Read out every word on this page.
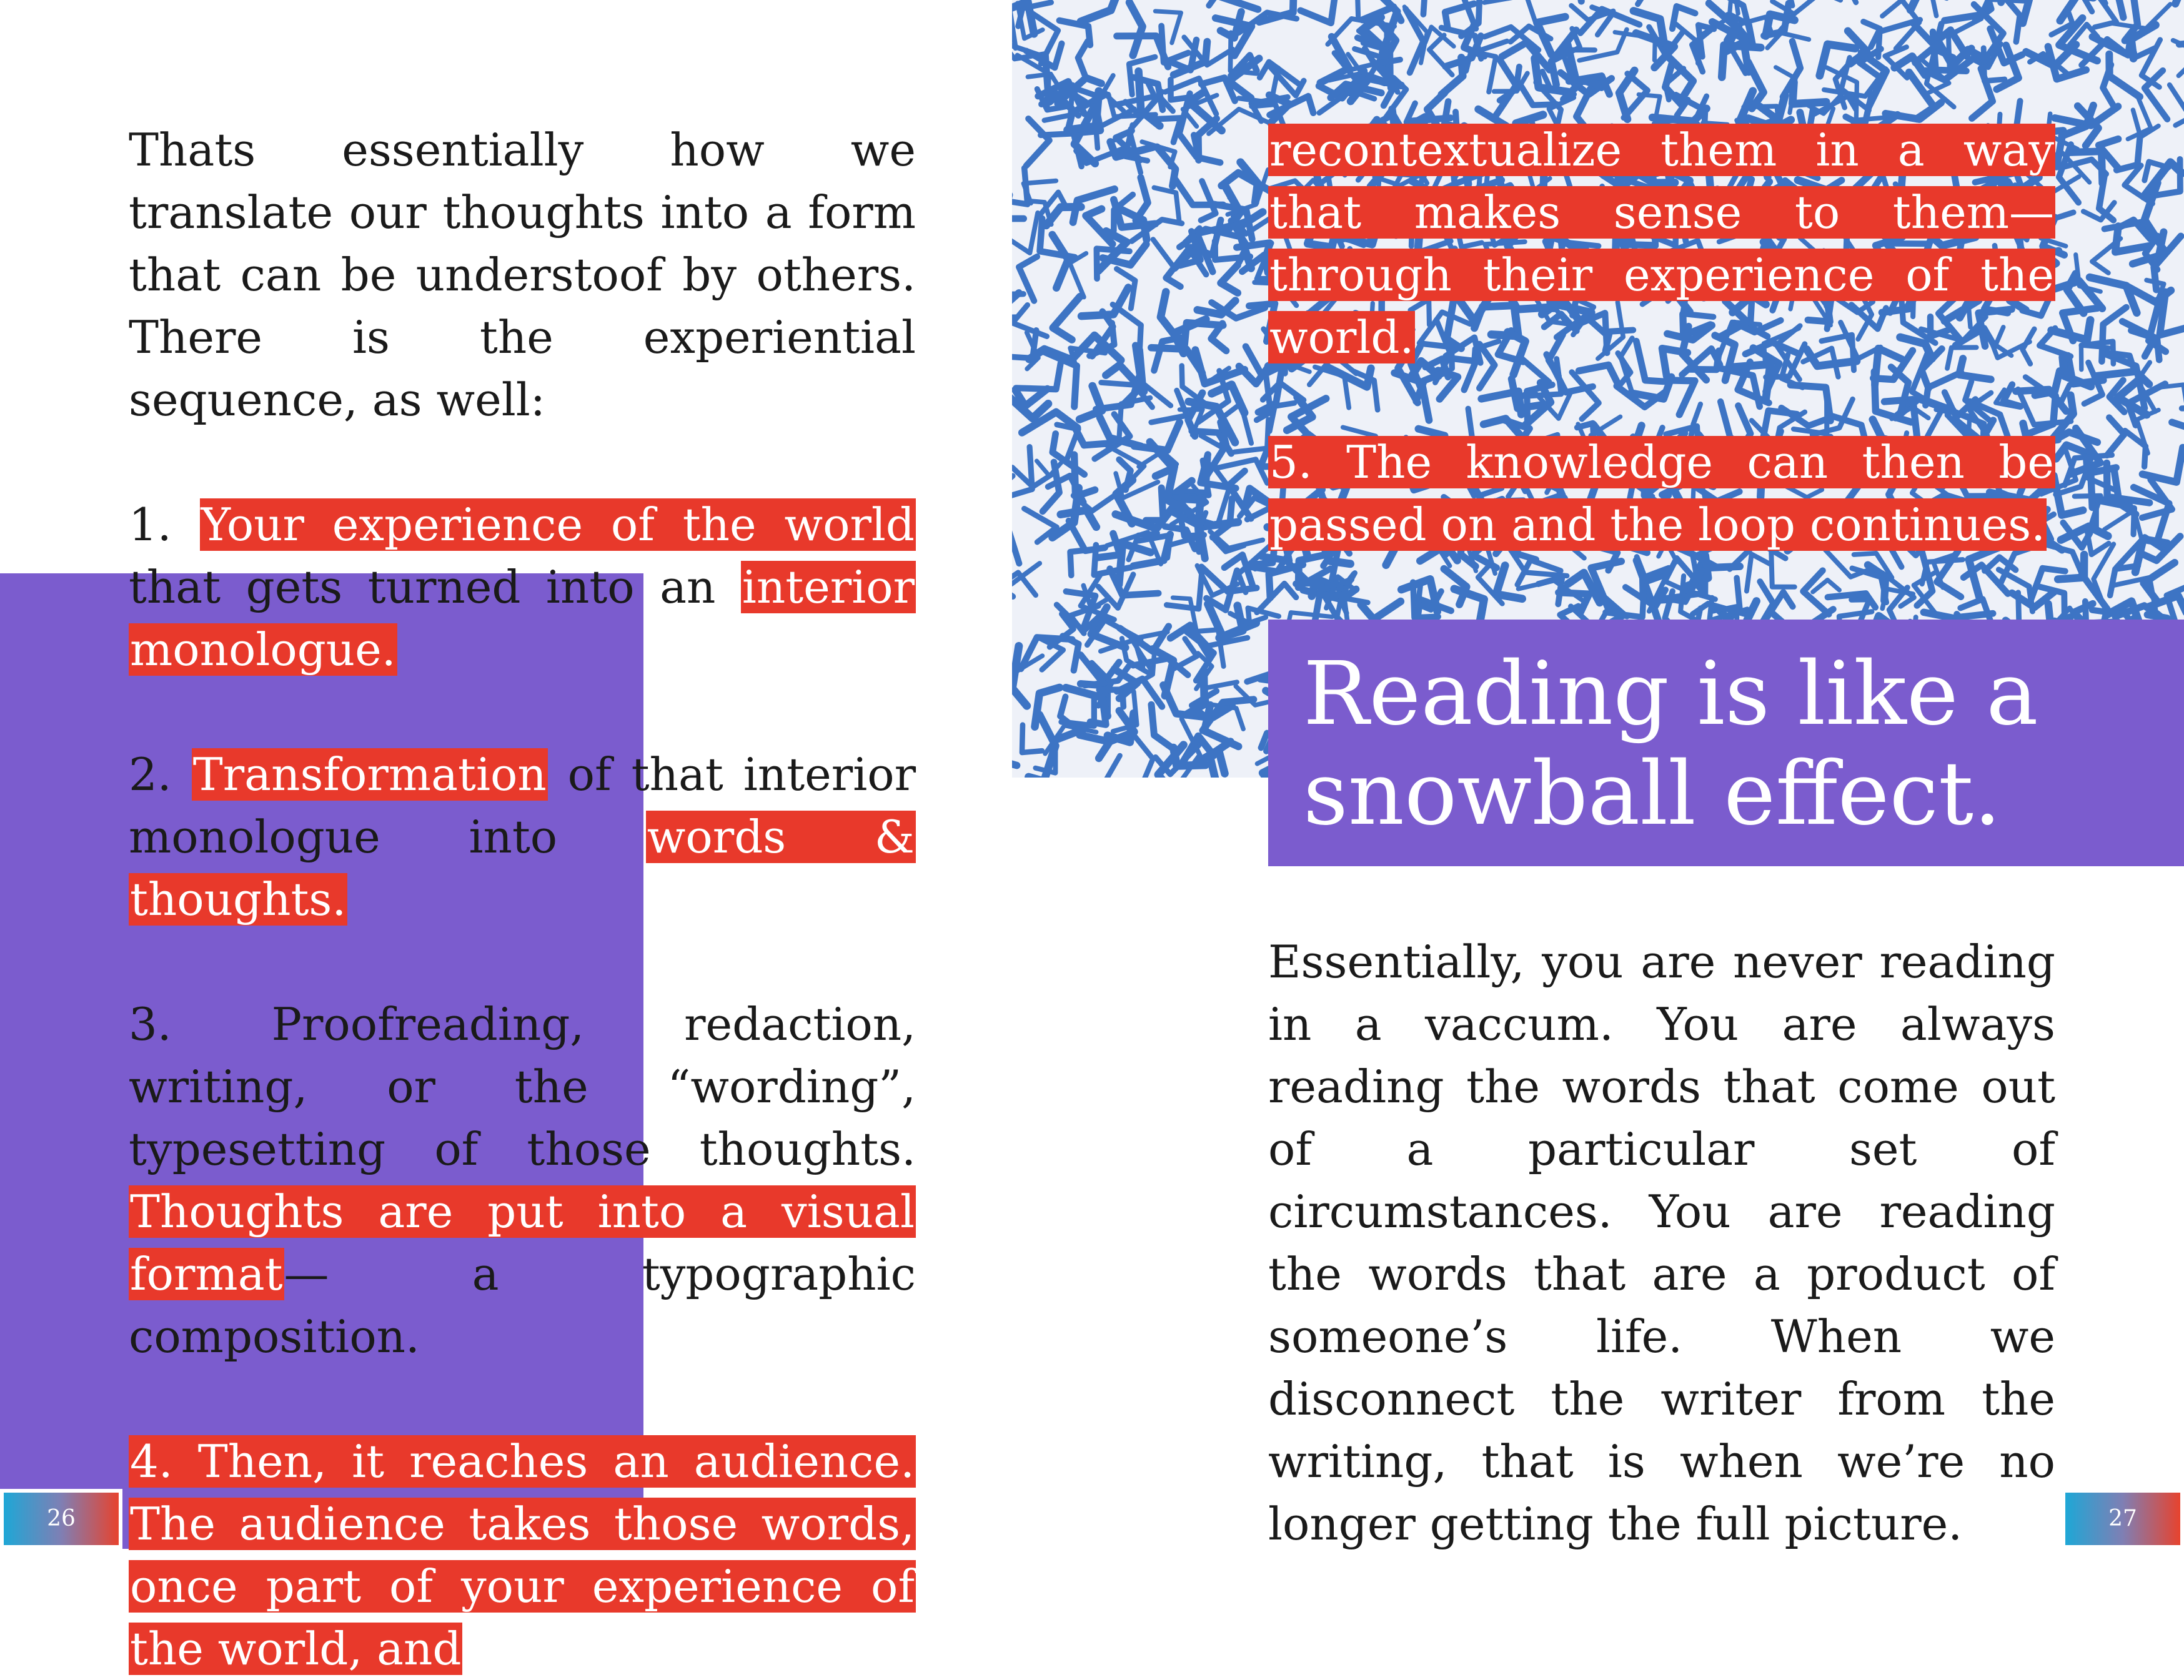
Thats essentially how we translate our thoughts into a form that can be understoof by others. There is the experiential sequence, as well:

1. Your experience of the world that gets turned into an interior monologue.

2. Transformation of that interior monologue into words & thoughts.

3. Proofreading, redaction, writing, or the “wording”, typesetting of those thoughts. Thoughts are put into a visual format— a typographic composition.

4. Then, it reaches an audience. The audience takes those words, once part of your experience of the world, and

26

recontextualize them in a way that makes sense to them—through their experience of the world.

5. The knowledge can then be passed on and the loop continues.

Reading is like a snowball effect.

Essentially, you are never reading in a vaccum. You are always reading the words that come out of a particular set of circumstances. You are reading the words that are a product of someone’s life. When we disconnect the writer from the writing, that is when we’re no longer getting the full picture.	27
